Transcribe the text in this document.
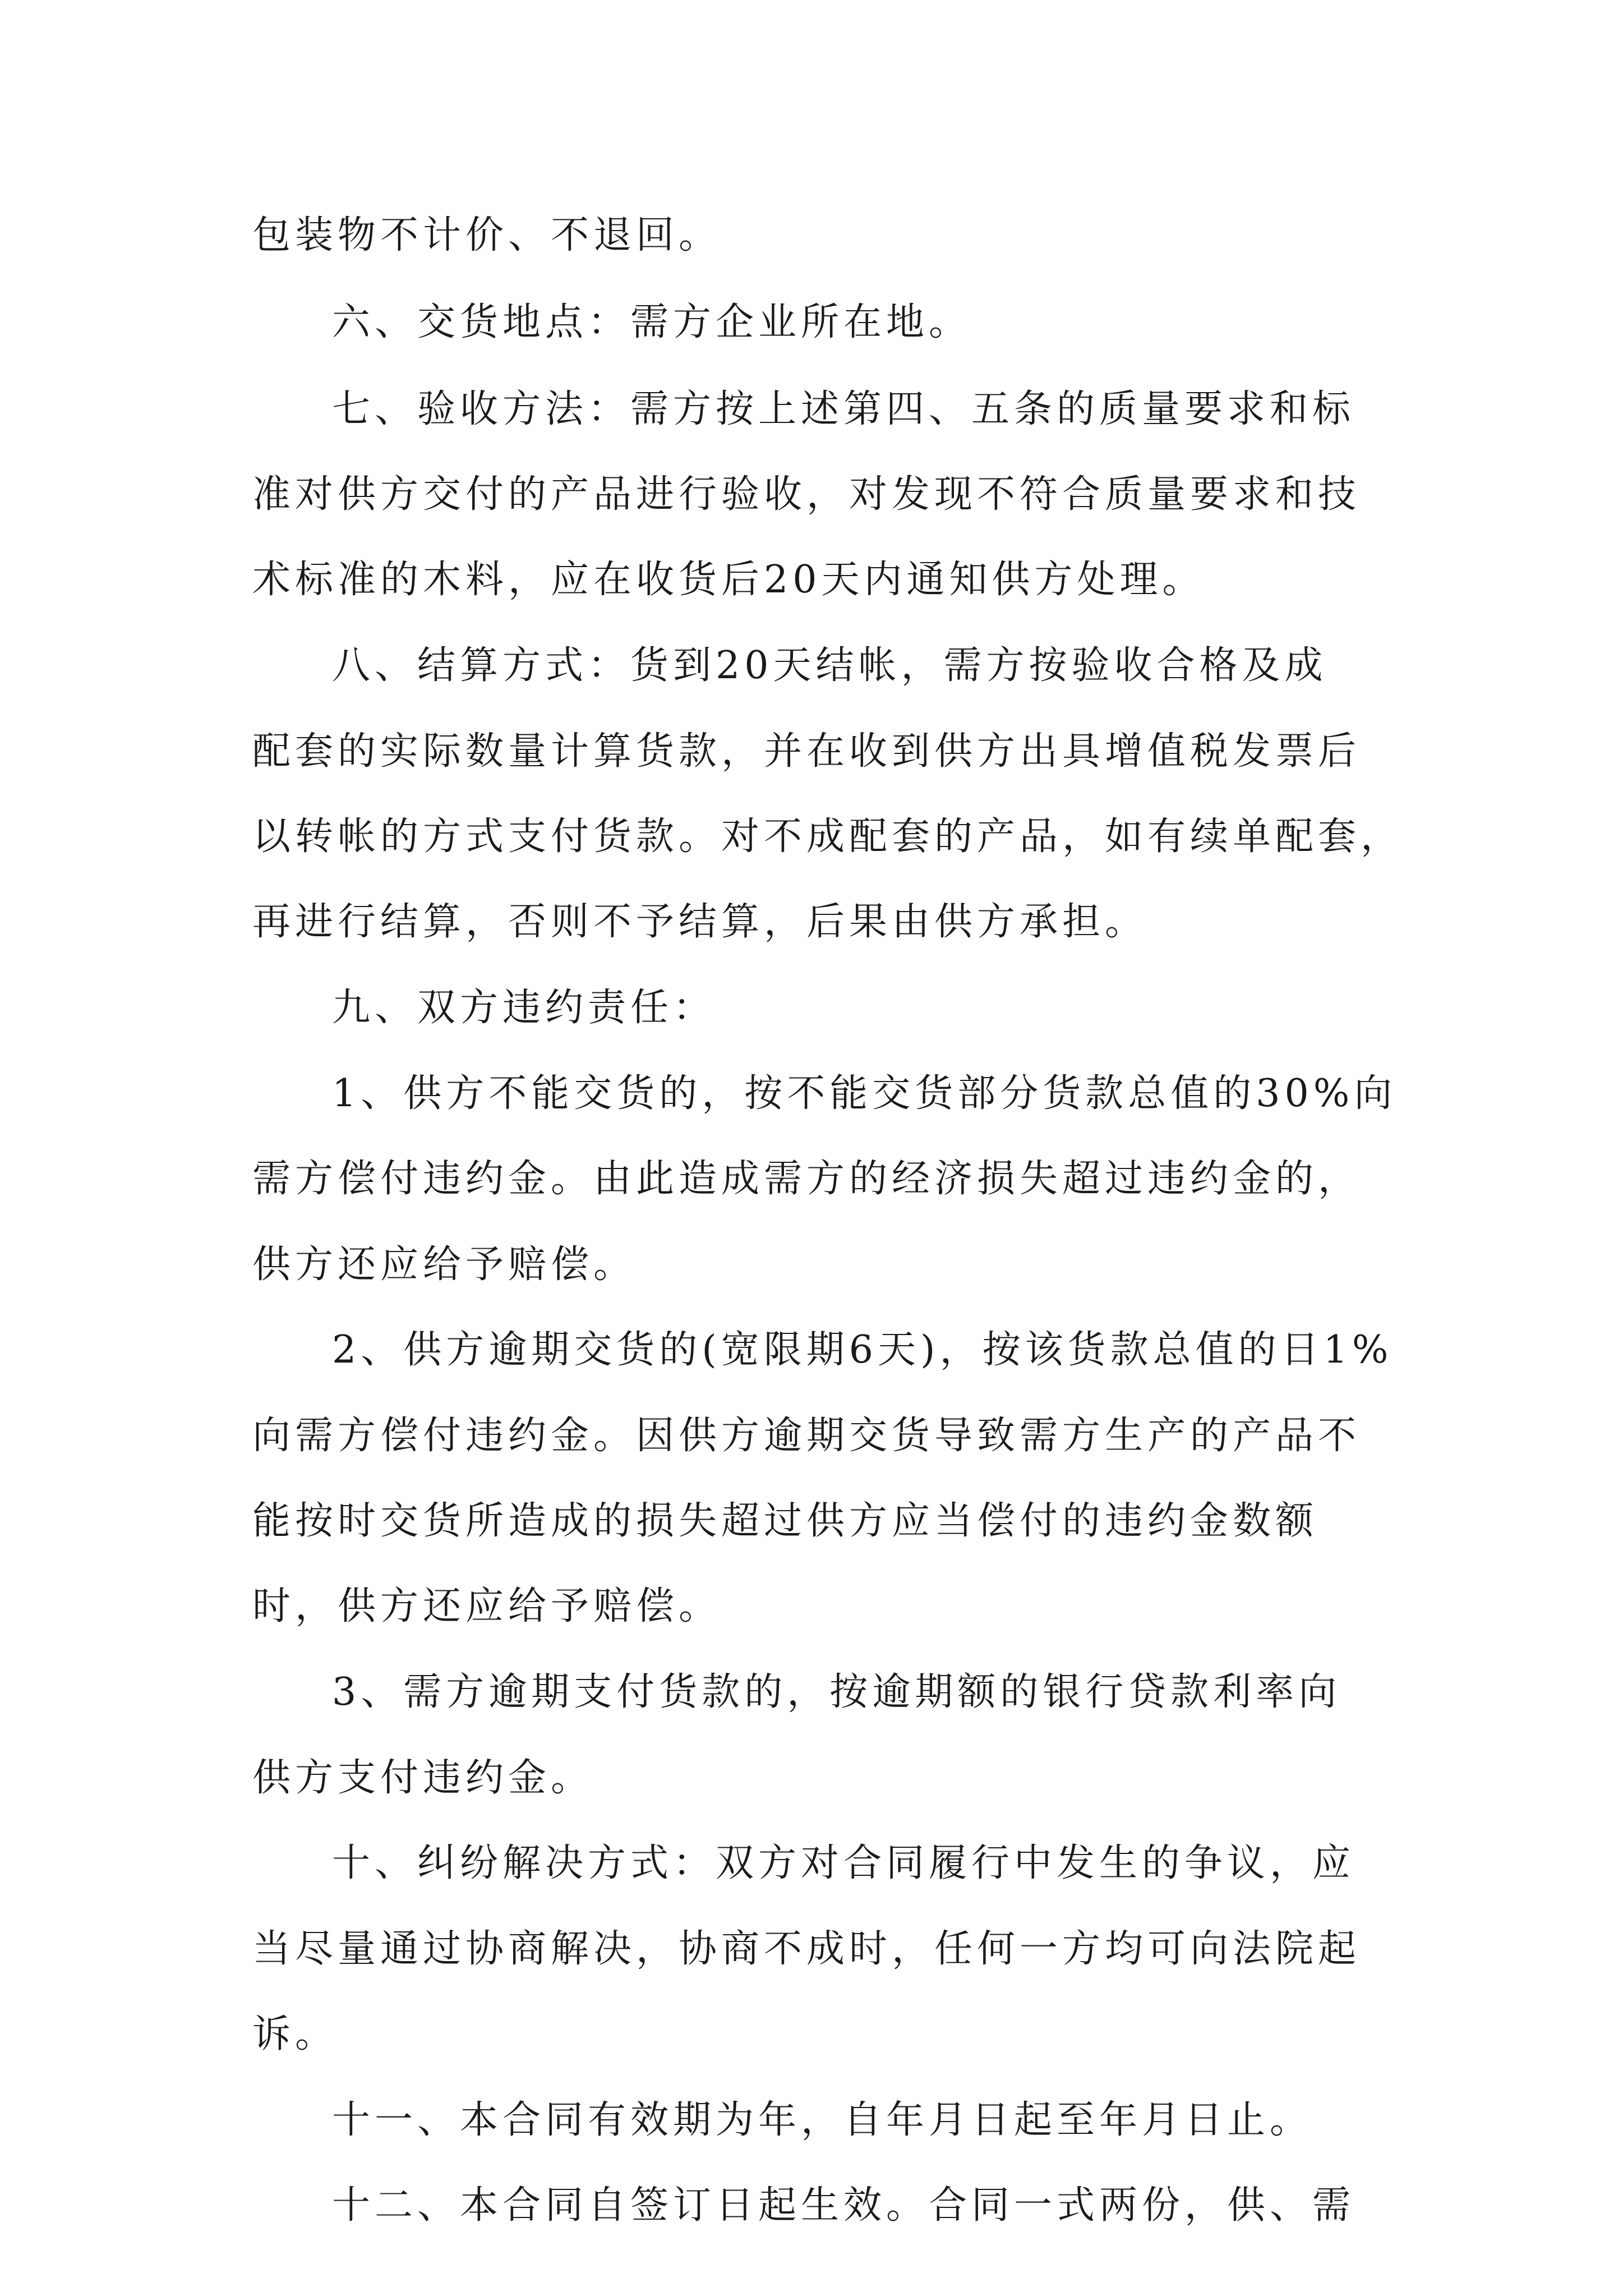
包装物不计价、不退回。
六、交货地点：需方企业所在地。
七、验收方法：需方按上述第四、五条的质量要求和标
准对供方交付的产品进行验收，对发现不符合质量要求和技
术标准的木料，应在收货后20天内通知供方处理。
八、结算方式：货到20天结帐，需方按验收合格及成
配套的实际数量计算货款，并在收到供方出具增值税发票后
以转帐的方式支付货款。对不成配套的产品，如有续单配套，
再进行结算，否则不予结算，后果由供方承担。
九、双方违约责任：
1、供方不能交货的，按不能交货部分货款总值的30%向
需方偿付违约金。由此造成需方的经济损失超过违约金的，
供方还应给予赔偿。
2、供方逾期交货的(宽限期6天)，按该货款总值的日1%
向需方偿付违约金。因供方逾期交货导致需方生产的产品不
能按时交货所造成的损失超过供方应当偿付的违约金数额
时，供方还应给予赔偿。
3、需方逾期支付货款的，按逾期额的银行贷款利率向
供方支付违约金。
十、纠纷解决方式：双方对合同履行中发生的争议，应
当尽量通过协商解决，协商不成时，任何一方均可向法院起
诉。
十一、本合同有效期为年，自年月日起至年月日止。
十二、本合同自签订日起生效。合同一式两份，供、需
